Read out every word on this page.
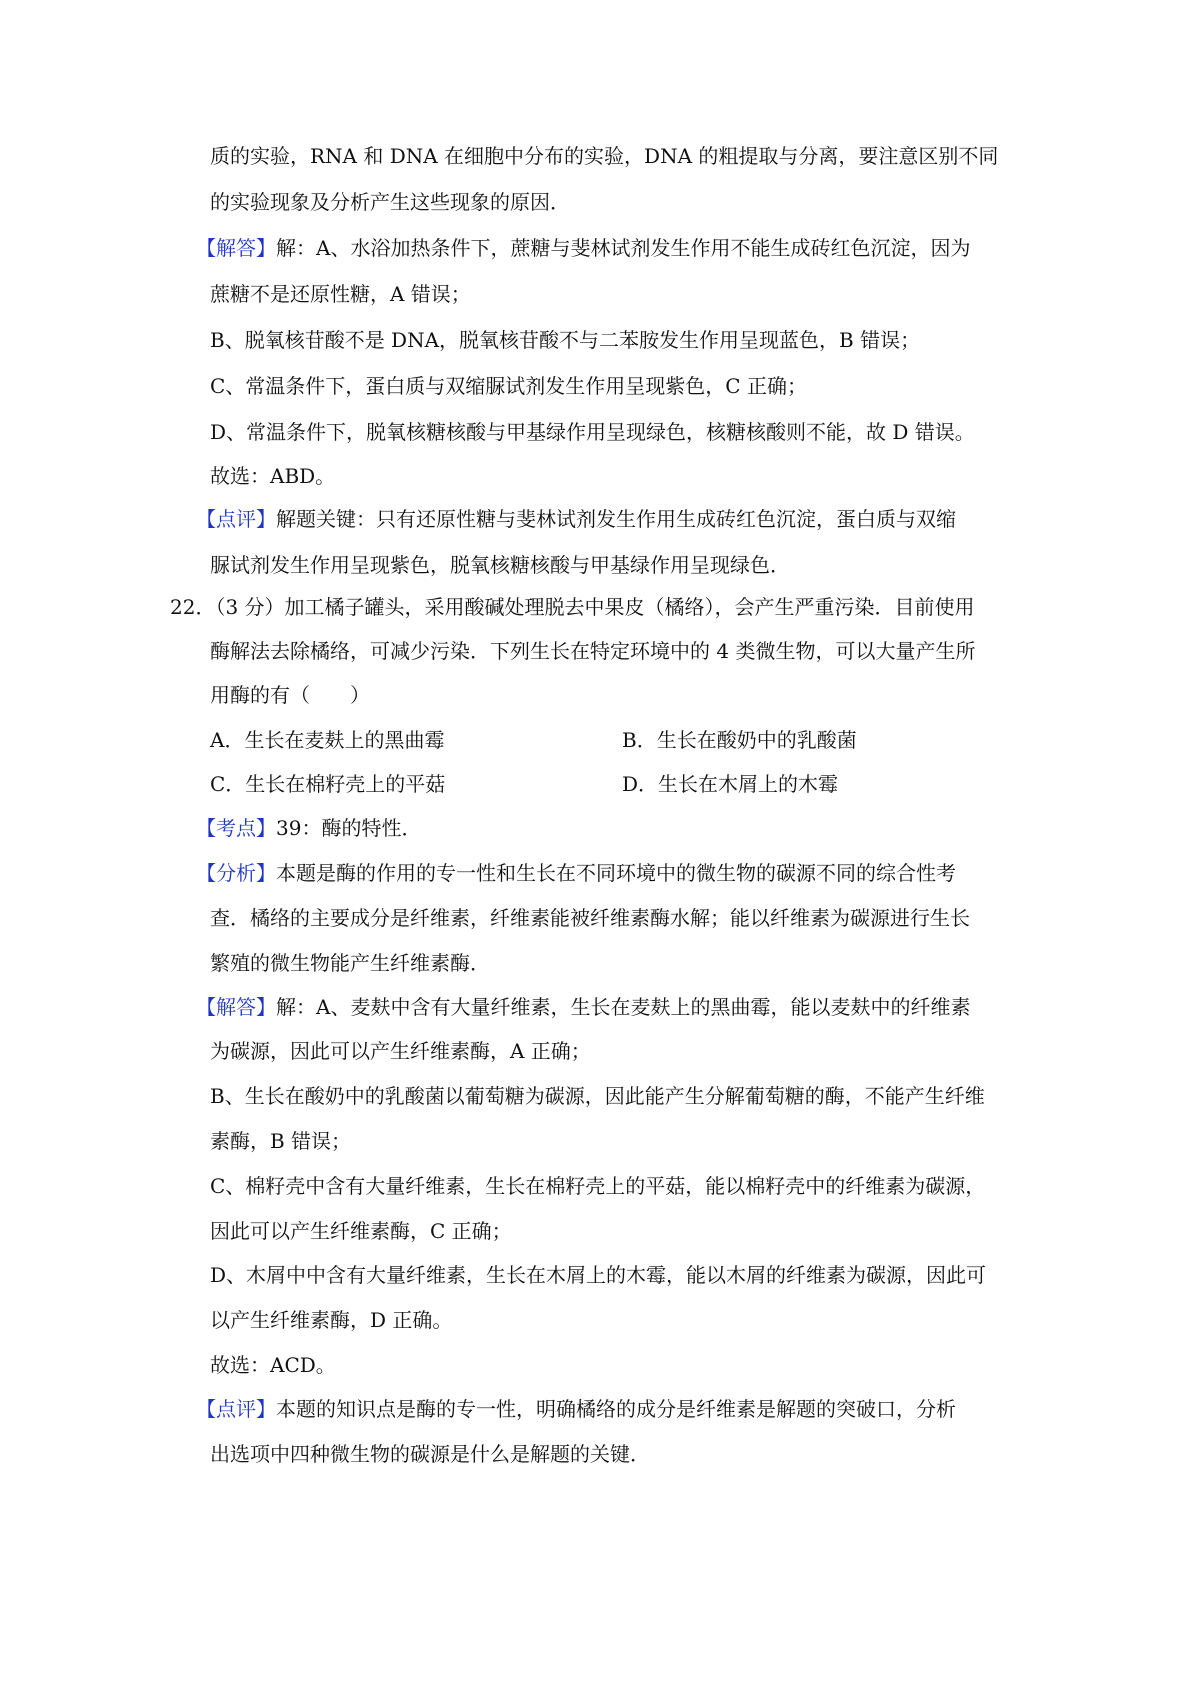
质的实验，RNA 和 DNA 在细胞中分布的实验，DNA 的粗提取与分离，要注意区别不同
的实验现象及分析产生这些现象的原因．
【解答】解：A、水浴加热条件下，蔗糖与斐林试剂发生作用不能生成砖红色沉淀，因为
蔗糖不是还原性糖，A 错误；
B、脱氧核苷酸不是 DNA，脱氧核苷酸不与二苯胺发生作用呈现蓝色，B 错误；
C、常温条件下，蛋白质与双缩脲试剂发生作用呈现紫色，C 正确；
D、常温条件下，脱氧核糖核酸与甲基绿作用呈现绿色，核糖核酸则不能，故 D 错误。
故选：ABD。
【点评】解题关键：只有还原性糖与斐林试剂发生作用生成砖红色沉淀，蛋白质与双缩
脲试剂发生作用呈现紫色，脱氧核糖核酸与甲基绿作用呈现绿色．
22．（3 分）加工橘子罐头，采用酸碱处理脱去中果皮（橘络），会产生严重污染．目前使用
酶解法去除橘络，可减少污染．下列生长在特定环境中的 4 类微生物，可以大量产生所
用酶的有（　　）
A．生长在麦麸上的黑曲霉	B．生长在酸奶中的乳酸菌
C．生长在棉籽壳上的平菇	D．生长在木屑上的木霉
【考点】39：酶的特性．
【分析】本题是酶的作用的专一性和生长在不同环境中的微生物的碳源不同的综合性考
查．橘络的主要成分是纤维素，纤维素能被纤维素酶水解；能以纤维素为碳源进行生长
繁殖的微生物能产生纤维素酶．
【解答】解：A、麦麸中含有大量纤维素，生长在麦麸上的黑曲霉，能以麦麸中的纤维素
为碳源，因此可以产生纤维素酶，A 正确；
B、生长在酸奶中的乳酸菌以葡萄糖为碳源，因此能产生分解葡萄糖的酶，不能产生纤维
素酶，B 错误；
C、棉籽壳中含有大量纤维素，生长在棉籽壳上的平菇，能以棉籽壳中的纤维素为碳源，
因此可以产生纤维素酶，C 正确；
D、木屑中中含有大量纤维素，生长在木屑上的木霉，能以木屑的纤维素为碳源，因此可
以产生纤维素酶，D 正确。
故选：ACD。
【点评】本题的知识点是酶的专一性，明确橘络的成分是纤维素是解题的突破口，分析
出选项中四种微生物的碳源是什么是解题的关键．
